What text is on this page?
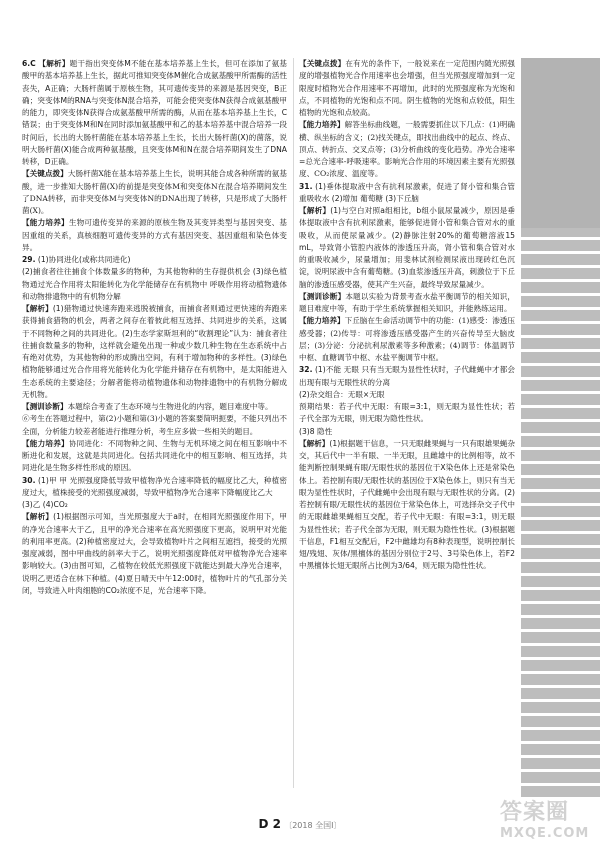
6.C 【解析】题干指出突变体M不能在基本培养基上生长，但可在添加了氨基酸甲的基本培养基上生长，据此可推知突变体M催化合成氨基酸甲所需酶的活性丧失，A正确；大肠杆菌属于原核生物，其可遗传变异的来源是基因突变，B正确；突变体M的RNA与突变体N混合培养，可能会使突变体N获得合成氨基酸甲的能力，即突变体N获得合成氨基酸甲所需的酶，从而在基本培养基上生长，C错误；由于突变体M和N在同时添加氨基酸甲和乙的基本培养基中混合培养一段时间后，长出的大肠杆菌能在基本培养基上生长，长出大肠杆菌(X)的菌落，说明大肠杆菌(X)能合成两种氨基酸，且突变体M和N在混合培养期间发生了DNA转移，D正确。

【关键点拨】大肠杆菌X能在基本培养基上生长，说明其能合成各种所需的氨基酸，进一步推知大肠杆菌(X)的前提是突变体M和突变体N在混合培养期间发生了DNA转移，而非突变体M与突变体N的DNA出现了转移，只是形成了大肠杆菌(X)。

【能力培养】生物可遗传变异的来源的原核生物及其变异类型与基因突变、基因重组的关系，真核细胞可遗传变异的方式有基因突变、基因重组和染色体变异。

29. (1)协同进化(或称共同进化)

(2)捕食者往往捕食个体数量多的物种，为其他物种的生存提供机会 (3)绿色植物通过光合作用将太阳能转化为化学能储存在有机物中 呼吸作用将动植物遗体和动物排遗物中的有机物分解

【解析】(1)猎物通过快速奔跑来逃脱被捕食，而捕食者则通过更快速的奔跑来获得捕食猎物的机会，两者之间存在着彼此相互选择、共同进步的关系，这属于不同物种之间的共同进化。(2)生态学家斯坦利的“收割理论”认为：捕食者往往捕食数量多的物种，这样就会避免出现一种或少数几种生物在生态系统中占有绝对优势，为其他物种的形成腾出空间，有利于增加物种的多样性。(3)绿色植物能够通过光合作用将光能转化为化学能并储存在有机物中，是太阳能进入生态系统的主要途径；分解者能将动植物遗体和动物排遗物中的有机物分解成无机物。

【测训诊断】本题综合考查了生态环境与生物进化的内容，题目难度中等。

⑥考生在答题过程中，第(2)小题和第(3)小题的答案要简明扼要，不能只列出不全面，分析能力较差者能进行推理分析，考生应多做一些相关的题目。

【能力培养】协同进化：不同物种之间、生物与无机环境之间在相互影响中不断进化和发展，这就是共同进化。包括共同进化中的相互影响、相互选择，共同进化是生物多样性形成的原因。

30. (1)甲 甲 光照强度降低导致甲植物净光合速率降低的幅度比乙大，种植密度过大，植株接受的光照强度减弱，导致甲植物净光合速率下降幅度比乙大

(3)乙 (4)CO₂

【解析】(1)根据图示可知，当光照强度大于a时，在相同光照强度作用下，甲的净光合速率大于乙，且甲的净光合速率在高光照强度下更高，说明甲对光能的利用率更高。(2)种植密度过大，会导致植物叶片之间相互遮挡，接受的光照强度减弱，图中甲曲线的斜率大于乙，说明光照强度降低对甲植物净光合速率影响较大。(3)由图可知，乙植物在较低光照强度下就能达到最大净光合速率，说明乙更适合在林下种植。(4)夏日晴天中午12:00时，植物叶片的气孔部分关闭，导致进入叶肉细胞的CO₂浓度不足，光合速率下降。

【关键点拨】在有光的条件下，一般说来在一定范围内随光照强度的增强植物光合作用速率也会增强，但当光照强度增加到一定限度时植物光合作用速率不再增加，此时的光照强度称为光饱和点，不同植物的光饱和点不同。阴生植物的光饱和点较低，阳生植物的光饱和点较高。

【能力培养】解答坐标曲线题，一般需要抓住以下几点：(1)明确横、纵坐标的含义；(2)找关键点，即找出曲线中的起点、终点、顶点、转折点、交叉点等；(3)分析曲线的变化趋势。净光合速率=总光合速率-呼吸速率。影响光合作用的环境因素主要有光照强度、CO₂浓度、温度等。

31. (1)垂体提取液中含有抗利尿激素，促进了肾小管和集合管重吸收水 (2)增加 葡萄糖 (3)下丘脑

【解析】(1)与空白对照a组相比，b组小鼠尿量减少，原因是垂体提取液中含有抗利尿激素，能够促进肾小管和集合管对水的重吸收，从而使尿量减少。(2)静脉注射20%的葡萄糖溶液15 mL，导致肾小管腔内液体的渗透压升高，肾小管和集合管对水的重吸收减少，尿量增加；用斐林试剂检测尿液出现砖红色沉淀，说明尿液中含有葡萄糖。(3)血浆渗透压升高，刺激位于下丘脑的渗透压感受器，使其产生兴奋，最终导致尿量减少。

【测训诊断】本题以实验为背景考查水盐平衡调节的相关知识，题目难度中等，有助于学生系统掌握相关知识，并能熟练运用。

【能力培养】下丘脑在生命活动调节中的功能：(1)感受：渗透压感受器；(2)传导：可将渗透压感受器产生的兴奋传导至大脑皮层；(3)分泌：分泌抗利尿激素等多种激素；(4)调节：体温调节中枢、血糖调节中枢、水盐平衡调节中枢。

32. (1)不能 无眼 只有当无眼为显性性状时，子代雌蝇中才都会出现有眼与无眼性状的分离

(2)杂交组合：无眼×无眼

预期结果：若子代中无眼：有眼=3:1，则无眼为显性性状；若子代全部为无眼，则无眼为隐性性状。

(3)8 隐性

【解析】(1)根据题干信息，一只无眼雌果蝇与一只有眼雄果蝇杂交，其后代中一半有眼、一半无眼，且雌雄中的比例相等，故不能判断控制果蝇有眼/无眼性状的基因位于X染色体上还是常染色体上。若控制有眼/无眼性状的基因位于X染色体上，则只有当无眼为显性性状时，子代雌蝇中会出现有眼与无眼性状的分离。(2)若控制有眼/无眼性状的基因位于常染色体上，可选择杂交子代中的无眼雌雄果蝇相互交配，若子代中无眼：有眼=3:1，则无眼为显性性状；若子代全部为无眼，则无眼为隐性性状。(3)根据题干信息，F1相互交配后，F2中雌雄均有8种表现型，说明控制长翅/残翅、灰体/黑檀体的基因分别位于2号、3号染色体上，若F2中黑檀体长翅无眼所占比例为3/64，则无眼为隐性性状。

D 2 〔2018 全国Ⅰ〕
答案圈
MXQE.COM
